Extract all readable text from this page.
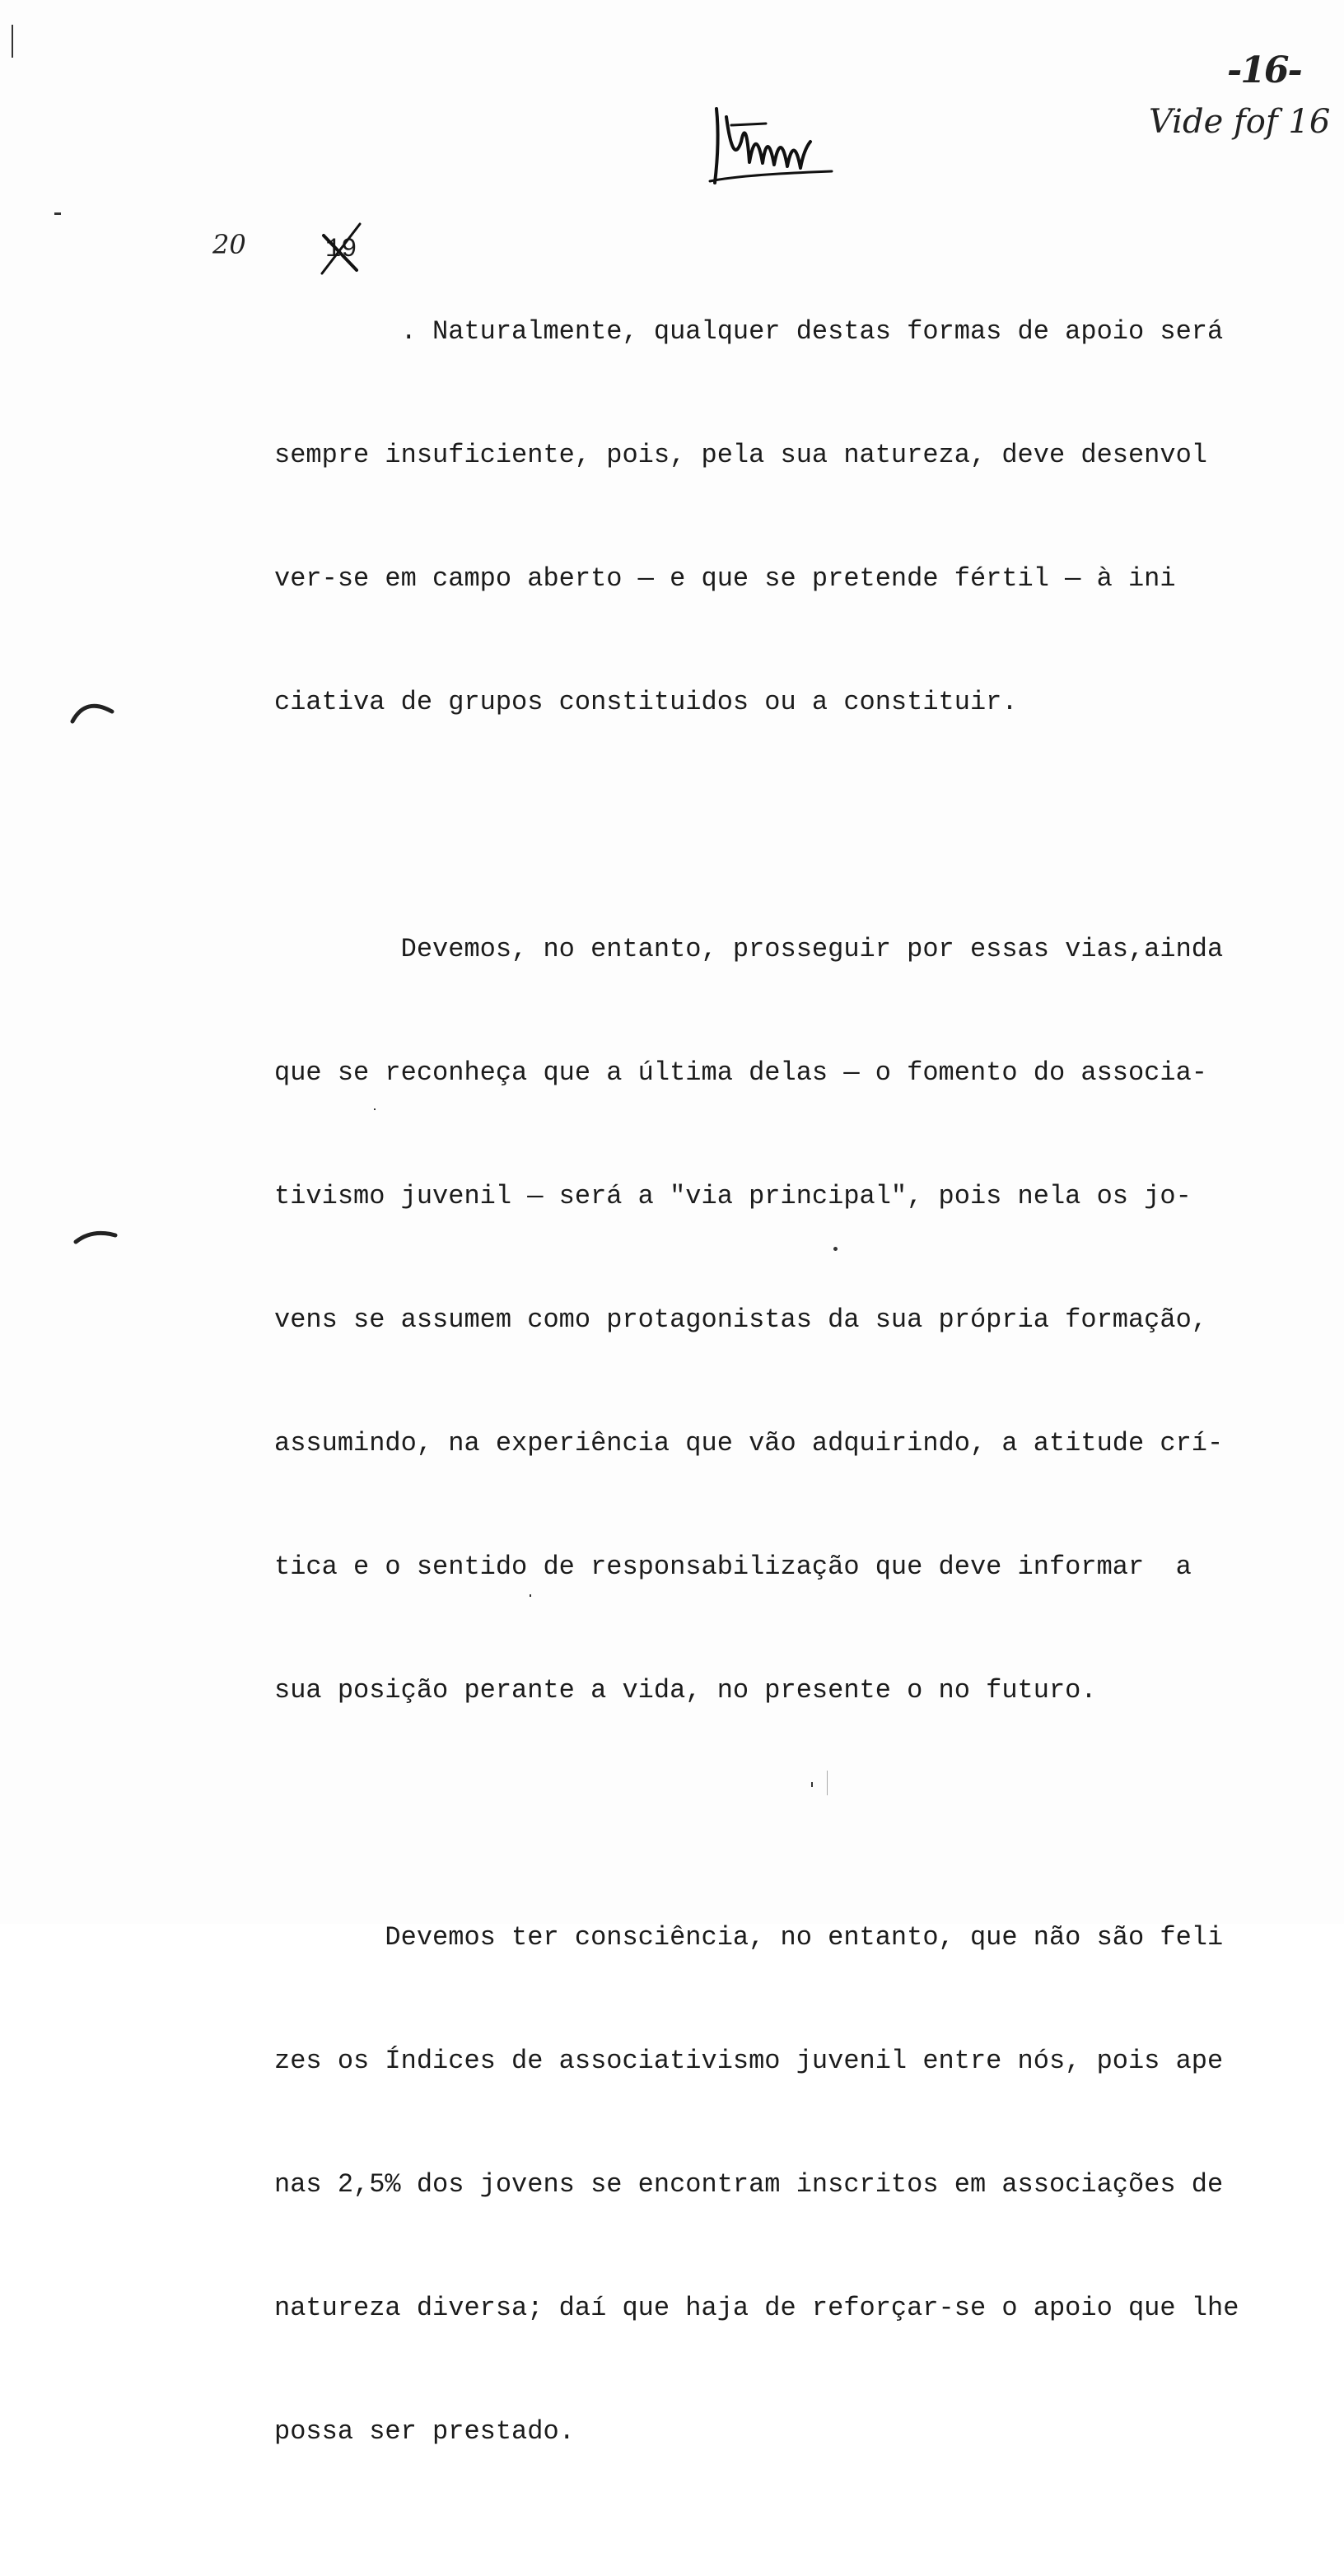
-16-
Vide fof 16
20	19

. Naturalmente, qualquer destas formas de apoio será

sempre insuficiente, pois, pela sua natureza, deve desenvol

ver-se em campo aberto — e que se pretende fértil — à ini

ciativa de grupos constituidos ou a constituir.

Devemos, no entanto, prosseguir por essas vias,ainda

que se reconheça que a última delas — o fomento do associa-

tivismo juvenil — será a "via principal", pois nela os jo-

vens se assumem como protagonistas da sua própria formação,

assumindo, na experiência que vão adquirindo, a atitude crí-

tica e o sentido de responsabilização que deve informar  a

sua posição perante a vida, no presente o no futuro.

Devemos ter consciência, no entanto, que não são feli

zes os Índices de associativismo juvenil entre nós, pois ape

nas 2,5% dos jovens se encontram inscritos em associações de

natureza diversa; daí que haja de reforçar-se o apoio que lhe

possa ser prestado.
